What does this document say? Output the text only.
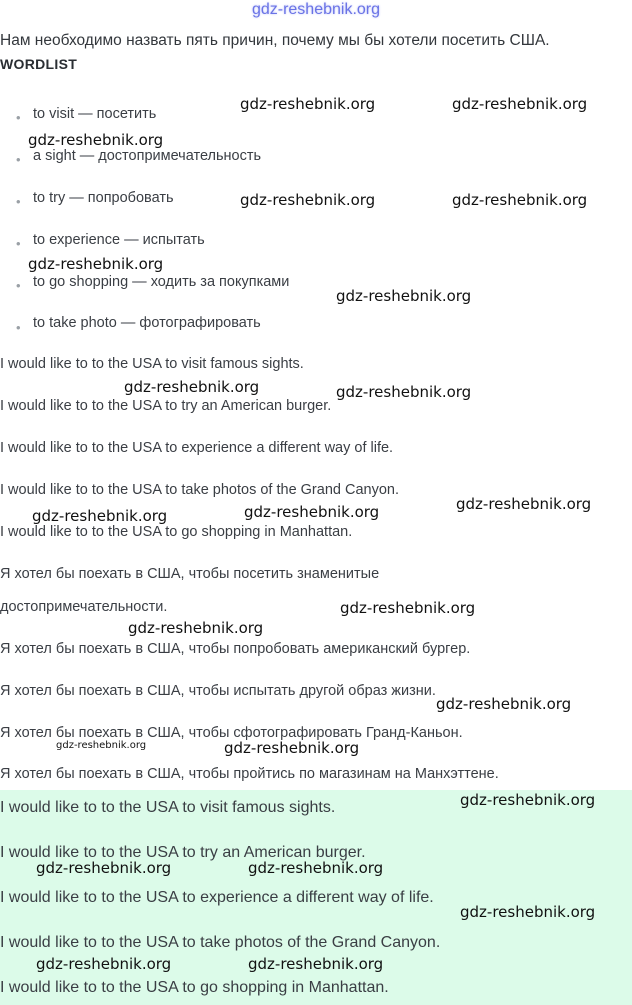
gdz-reshebnik.org
Нам необходимо назвать пять причин, почему мы бы хотели посетить США.
WORDLIST
•
•
•
•
•
•
to visit — посетить
a sight — достопримечательность
to try — попробовать
to experience — испытать
to go shopping — ходить за покупками
to take photo — фотографировать
I would like to to the USA to visit famous sights.
I would like to to the USA to try an American burger.
I would like to to the USA to experience a different way of life.
I would like to to the USA to take photos of the Grand Canyon.
I would like to to the USA to go shopping in Manhattan.
Я хотел бы поехать в США, чтобы посетить знаменитые
достопримечательности.
Я хотел бы поехать в США, чтобы попробовать американский бургер.
Я хотел бы поехать в США, чтобы испытать другой образ жизни.
Я хотел бы поехать в США, чтобы сфотографировать Гранд-Каньон.
Я хотел бы поехать в США, чтобы пройтись по магазинам на Манхэттене.
I would like to to the USA to visit famous sights.
I would like to to the USA to try an American burger.
I would like to to the USA to experience a different way of life.
I would like to to the USA to take photos of the Grand Canyon.
I would like to to the USA to go shopping in Manhattan.
gdz-reshebnik.org	gdz-reshebnik.org
gdz-reshebnik.org
gdz-reshebnik.org	gdz-reshebnik.org
gdz-reshebnik.org
gdz-reshebnik.org
gdz-reshebnik.org	gdz-reshebnik.org
gdz-reshebnik.org
gdz-reshebnik.org	gdz-reshebnik.org
gdz-reshebnik.org
gdz-reshebnik.org
gdz-reshebnik.org
gdz-reshebnik.org	gdz-reshebnik.org
gdz-reshebnik.org
gdz-reshebnik.org	gdz-reshebnik.org
gdz-reshebnik.org
gdz-reshebnik.org	gdz-reshebnik.org
